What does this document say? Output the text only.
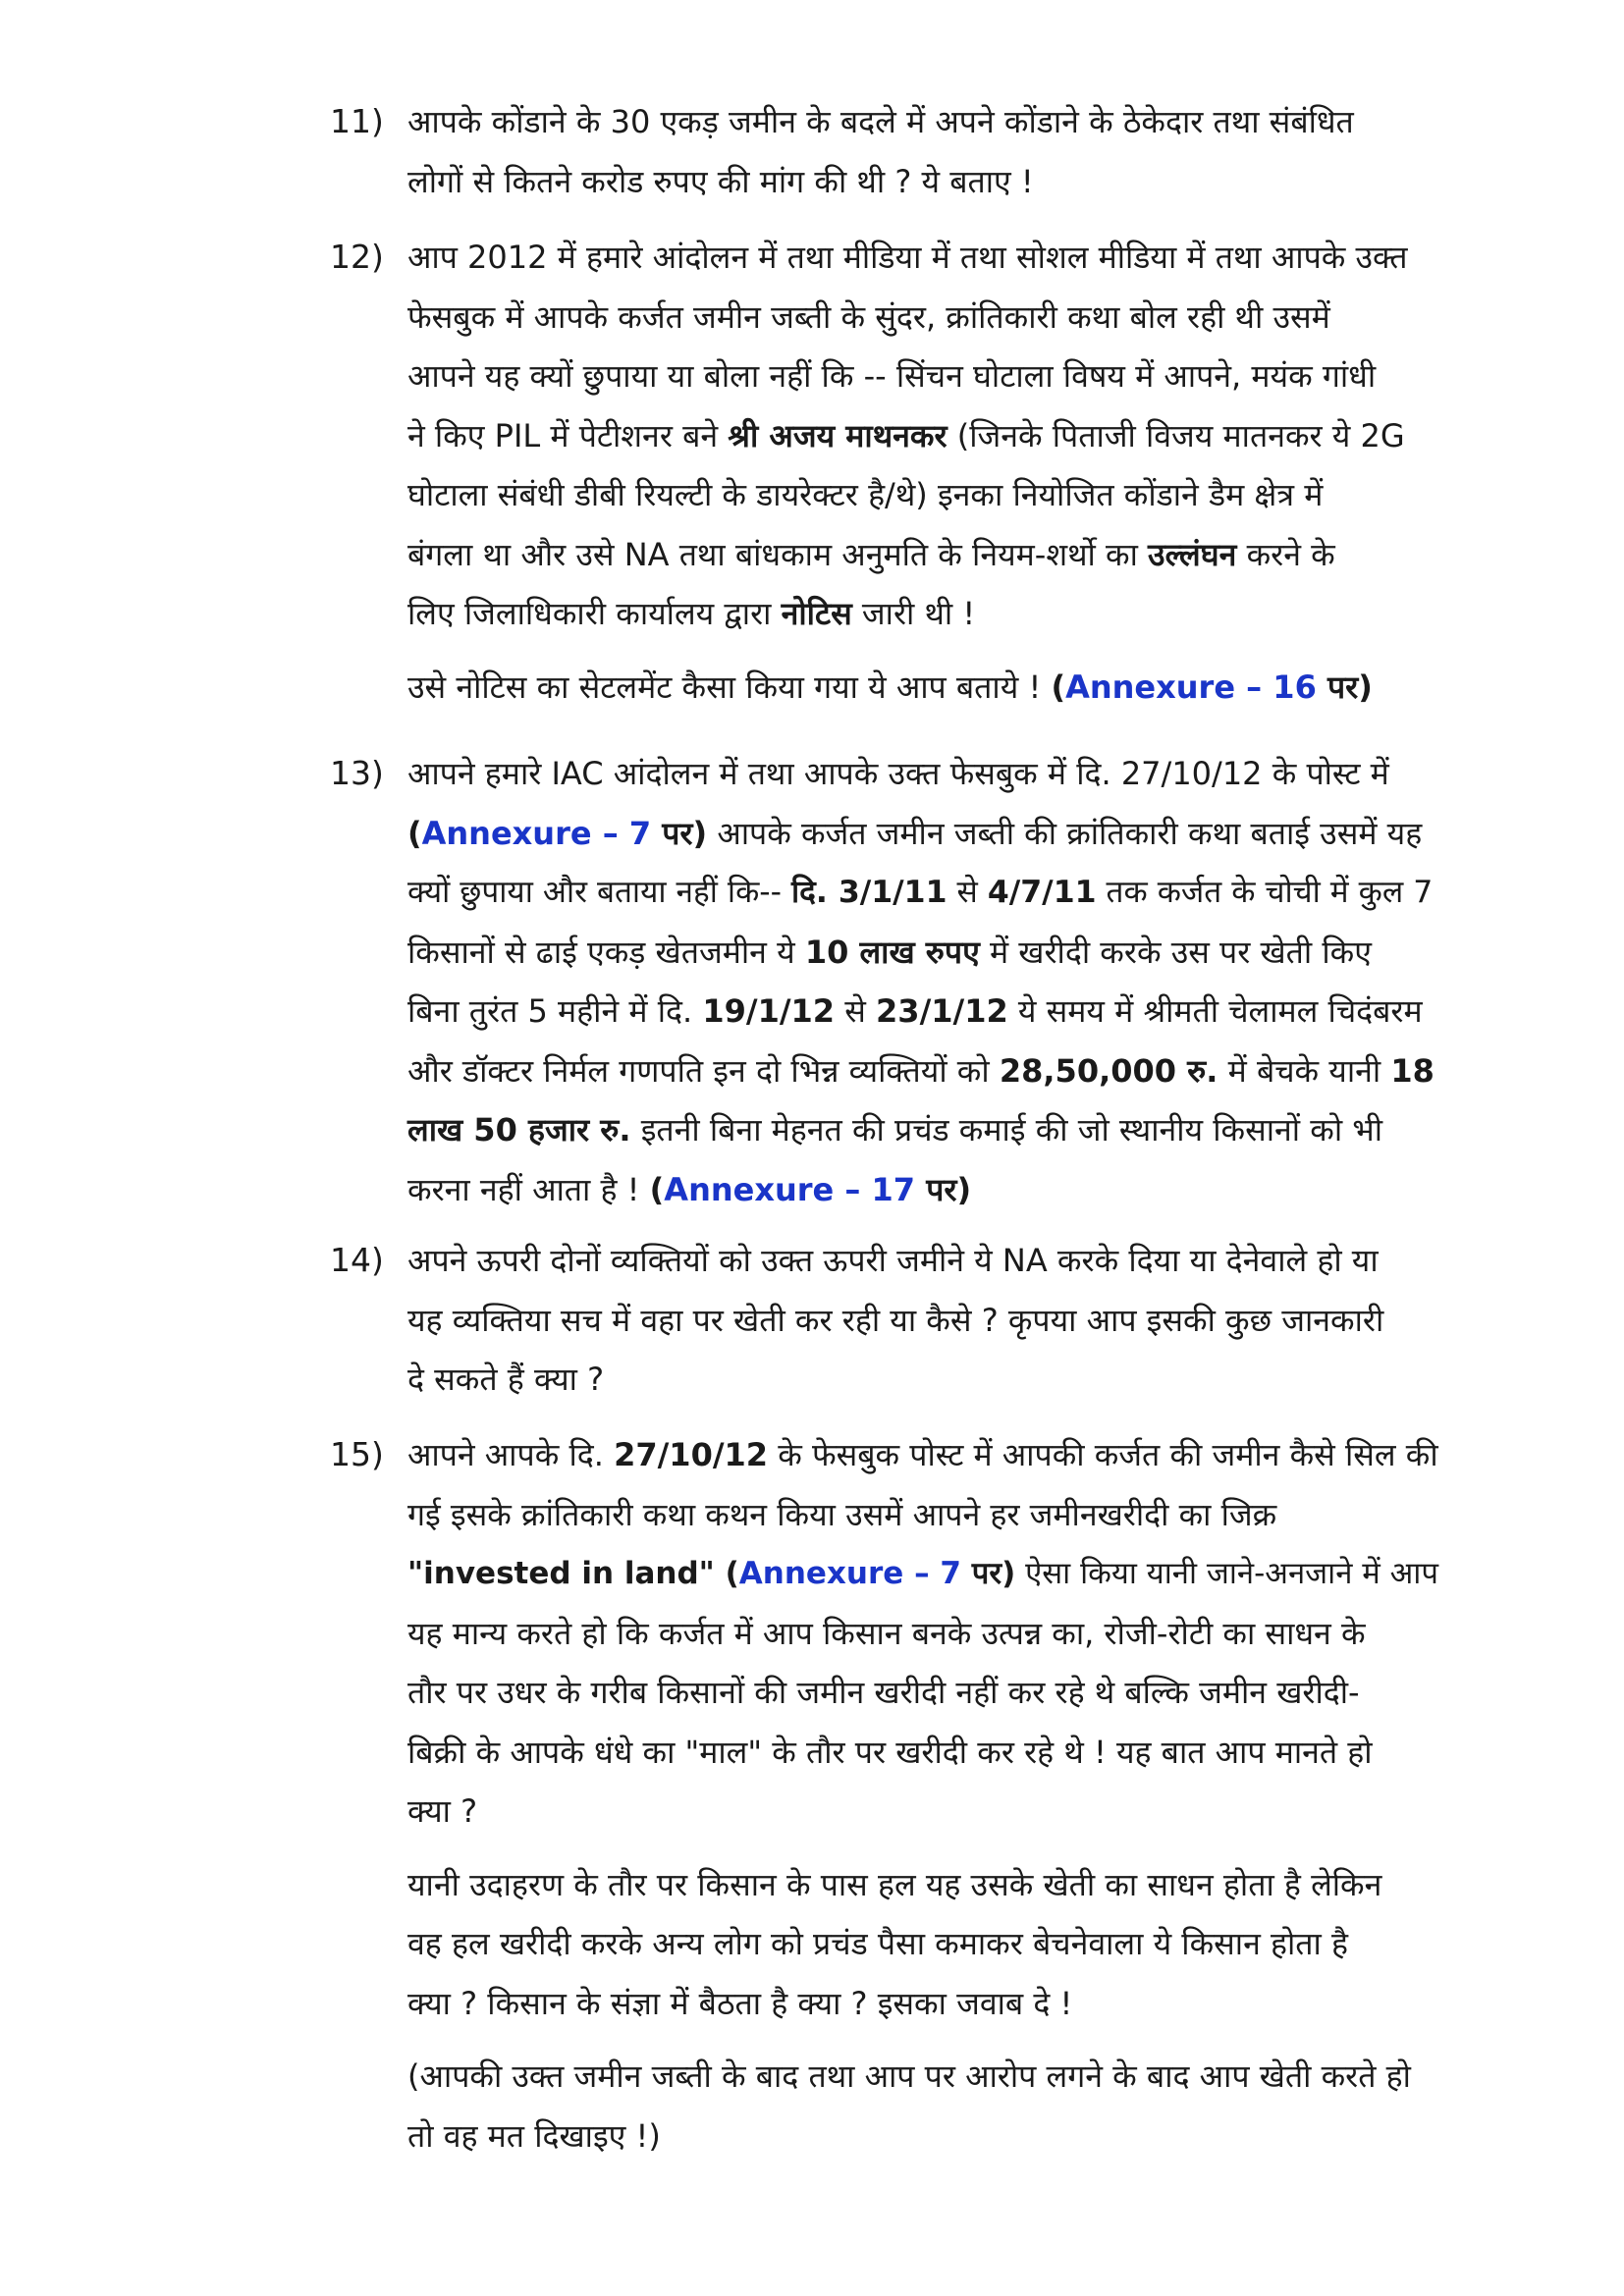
11) आपके कोंडाने के 30 एकड़ जमीन के बदले में अपने कोंडाने के ठेकेदार तथा संबंधित
लोगों से कितने करोड रुपए की मांग की थी ? ये बताए !

12) आप 2012 में हमारे आंदोलन में तथा मीडिया में तथा सोशल मीडिया में तथा आपके उक्त
फेसबुक में आपके कर्जत जमीन जब्ती के सुंदर, क्रांतिकारी कथा बोल रही थी उसमें
आपने यह क्यों छुपाया या बोला नहीं कि -- सिंचन घोटाला विषय में आपने, मयंक गांधी
ने किए PIL में पेटीशनर बने श्री अजय माथनकर (जिनके पिताजी विजय मातनकर ये 2G
घोटाला संबंधी डीबी रियल्टी के डायरेक्टर है/थे) इनका नियोजित कोंडाने डैम क्षेत्र में
बंगला था और उसे NA तथा बांधकाम अनुमति के नियम-शर्थो का उल्लंघन करने के
लिए जिलाधिकारी कार्यालय द्वारा नोटिस जारी थी !

उसे नोटिस का सेटलमेंट कैसा किया गया ये आप बताये ! (Annexure – 16 पर)

13) आपने हमारे IAC आंदोलन में तथा आपके उक्त फेसबुक में दि. 27/10/12 के पोस्ट में
(Annexure – 7 पर) आपके कर्जत जमीन जब्ती की क्रांतिकारी कथा बताई उसमें यह
क्यों छुपाया और बताया नहीं कि-- दि. 3/1/11 से 4/7/11 तक कर्जत के चोची में कुल 7
किसानों से ढाई एकड़ खेतजमीन ये 10 लाख रुपए में खरीदी करके उस पर खेती किए
बिना तुरंत 5 महीने में दि. 19/1/12 से 23/1/12 ये समय में श्रीमती चेलामल चिदंबरम
और डॉक्टर निर्मल गणपति इन दो भिन्न व्यक्तियों को 28,50,000 रु. में बेचके यानी 18
लाख 50 हजार रु. इतनी बिना मेहनत की प्रचंड कमाई की जो स्थानीय किसानों को भी
करना नहीं आता है ! (Annexure – 17 पर)

14) अपने ऊपरी दोनों व्यक्तियों को उक्त ऊपरी जमीने ये NA करके दिया या देनेवाले हो या
यह व्यक्तिया सच में वहा पर खेती कर रही या कैसे ? कृपया आप इसकी कुछ जानकारी
दे सकते हैं क्या ?

15) आपने आपके दि. 27/10/12 के फेसबुक पोस्ट में आपकी कर्जत की जमीन कैसे सिल की
गई इसके क्रांतिकारी कथा कथन किया उसमें आपने हर जमीनखरीदी का जिक्र
"invested in land" (Annexure – 7 पर) ऐसा किया यानी जाने-अनजाने में आप
यह मान्य करते हो कि कर्जत में आप किसान बनके उत्पन्न का, रोजी-रोटी का साधन के
तौर पर उधर के गरीब किसानों की जमीन खरीदी नहीं कर रहे थे बल्कि जमीन खरीदी-
बिक्री के आपके धंधे का "माल" के तौर पर खरीदी कर रहे थे ! यह बात आप मानते हो
क्या ?

यानी उदाहरण के तौर पर किसान के पास हल यह उसके खेती का साधन होता है लेकिन
वह हल खरीदी करके अन्य लोग को प्रचंड पैसा कमाकर बेचनेवाला ये किसान होता है
क्या ? किसान के संज्ञा में बैठता है क्या ? इसका जवाब दे !

(आपकी उक्त जमीन जब्ती के बाद तथा आप पर आरोप लगने के बाद आप खेती करते हो
तो वह मत दिखाइए !)
